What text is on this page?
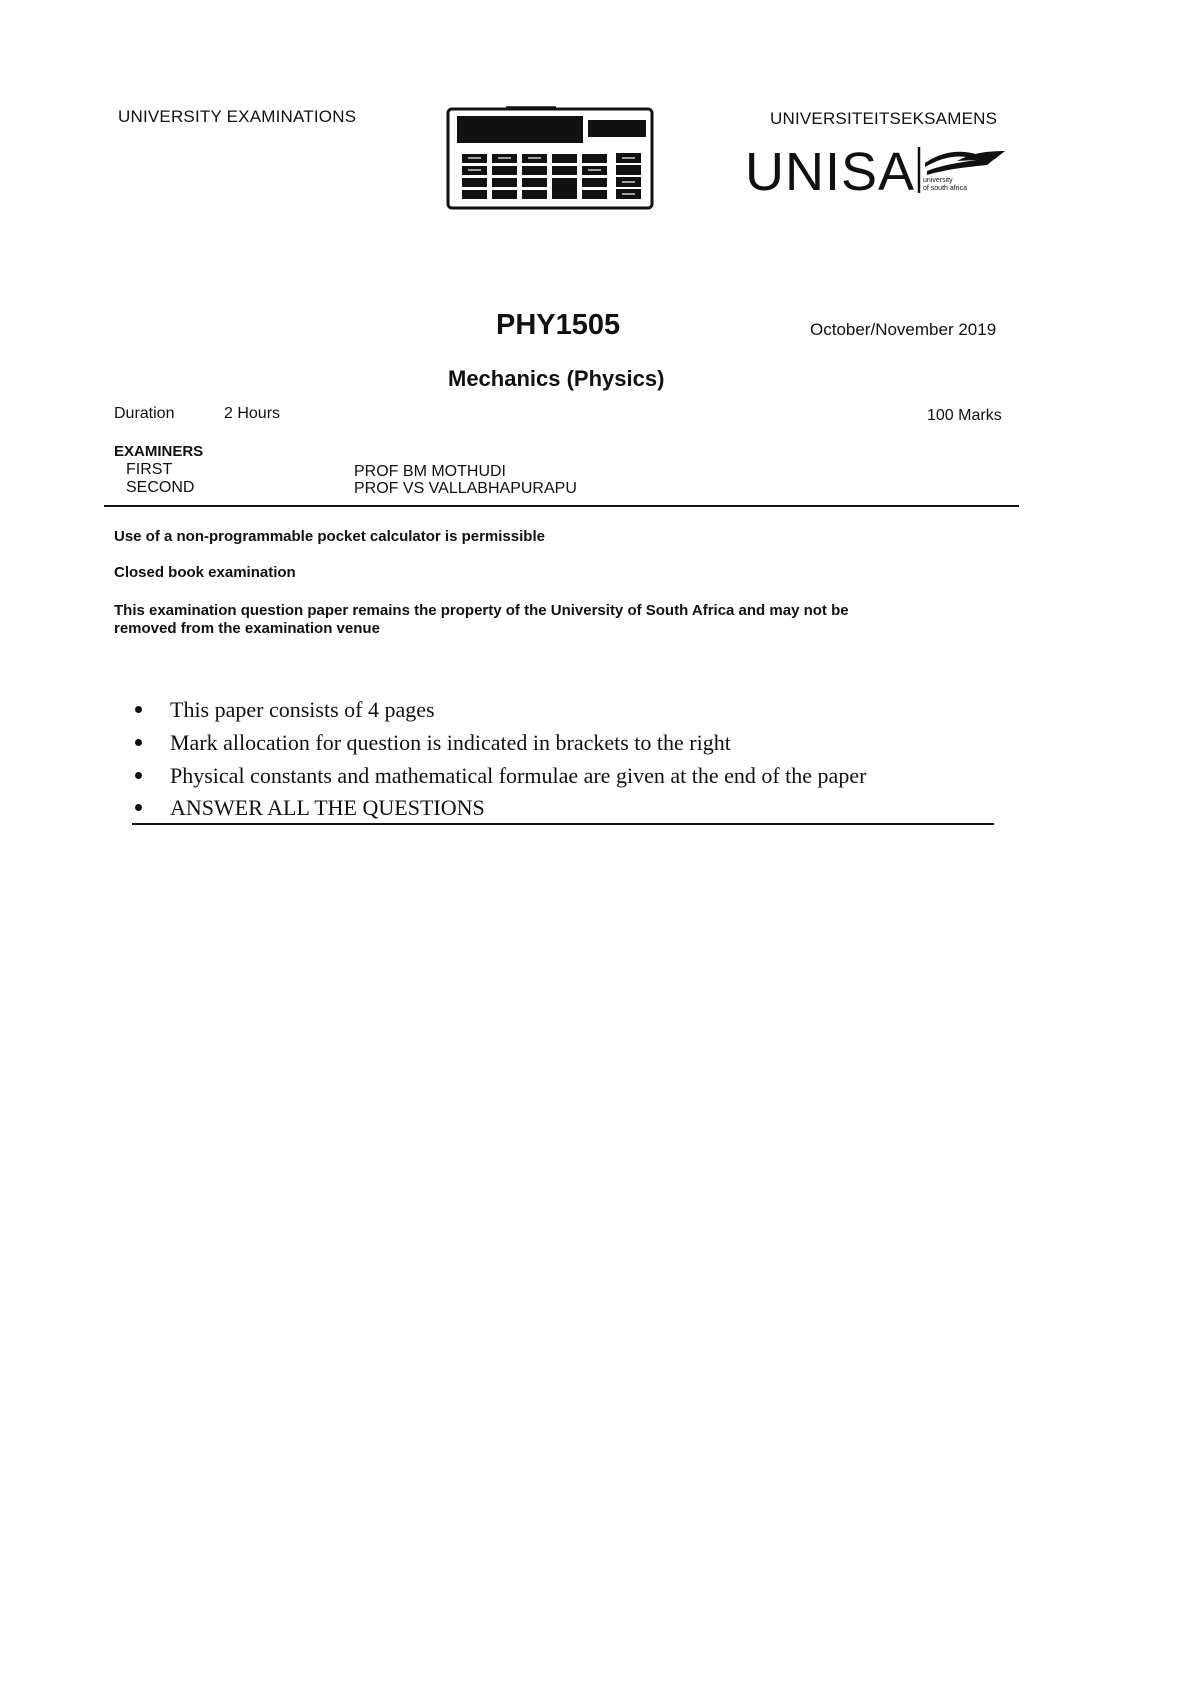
UNIVERSITY EXAMINATIONS	UNIVERSITEITSEKSAMENS
UNISA university
of south africa
PHY1505	October/November 2019
Mechanics (Physics)
Duration	2 Hours	100 Marks
EXAMINERS
FIRST	PROF BM MOTHUDI
SECOND	PROF VS VALLABHAPURAPU
Use of a non-programmable pocket calculator is permissible
Closed book examination
This examination question paper remains the property of the University of South Africa and may not be
removed from the examination venue
This paper consists of 4 pages
Mark allocation for question is indicated in brackets to the right
Physical constants and mathematical formulae are given at the end of the paper
ANSWER ALL THE QUESTIONS
